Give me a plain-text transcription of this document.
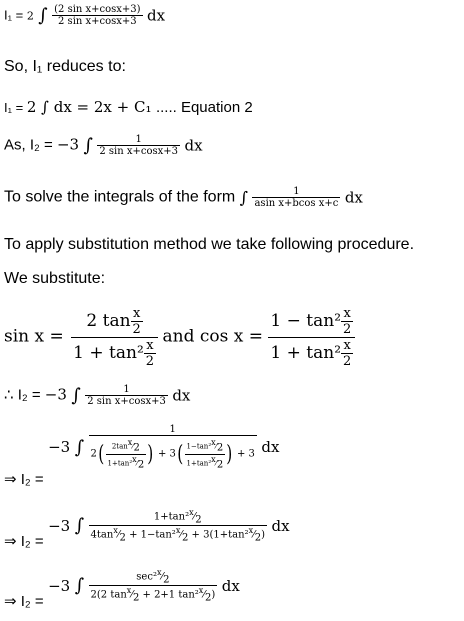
I₁ = 2 ∫ $\frac{\text{(2 sin x+cosx+3)}}{\text{2 sin x+cosx+3}}$ dx
So, I₁ reduces to:
I₁ = 2 ∫ dx = 2x + C₁ ..... Equation 2
As, I₂ = −3 ∫ $\frac{1}{\text{2 sin x+cosx+3}}$ dx
To solve the integrals of the form ∫ $\frac{1}{\text{asin x+bcos x+c}}$ dx
To apply substitution method we take following procedure.
We substitute:
$\sin x = \frac{2 \tan \frac{x}{2}}{1 + \tan^2 \frac{x}{2}}$ and $\cos x = \frac{1 - \tan^2 \frac{x}{2}}{1 + \tan^2 \frac{x}{2}}$
∴ I₂ = −3 ∫ $\frac{1}{\text{2 sin x+cosx+3}}$ dx
⇒ I₂ = −3 ∫ $\frac{1}{2( \frac{2\tan^x⁄_2}{1+\tan^2^x⁄_2} ) + 3( \frac{1-\tan^2^x⁄_2}{1+\tan^2^x⁄_2} ) + 3}$ dx
⇒ I₂ = −3 ∫ $\frac{1+\tan^2^x⁄_2}{4\tan^x⁄_2 + 1-\tan^2^x⁄_2 + 3(1+\tan^2^x⁄_2)}$ dx
⇒ I₂ = −3 ∫ $\frac{\sec^2^x⁄_2}{2(2 \tan^x⁄_2 + 2+1 \tan^2^x⁄_2)}$ dx
